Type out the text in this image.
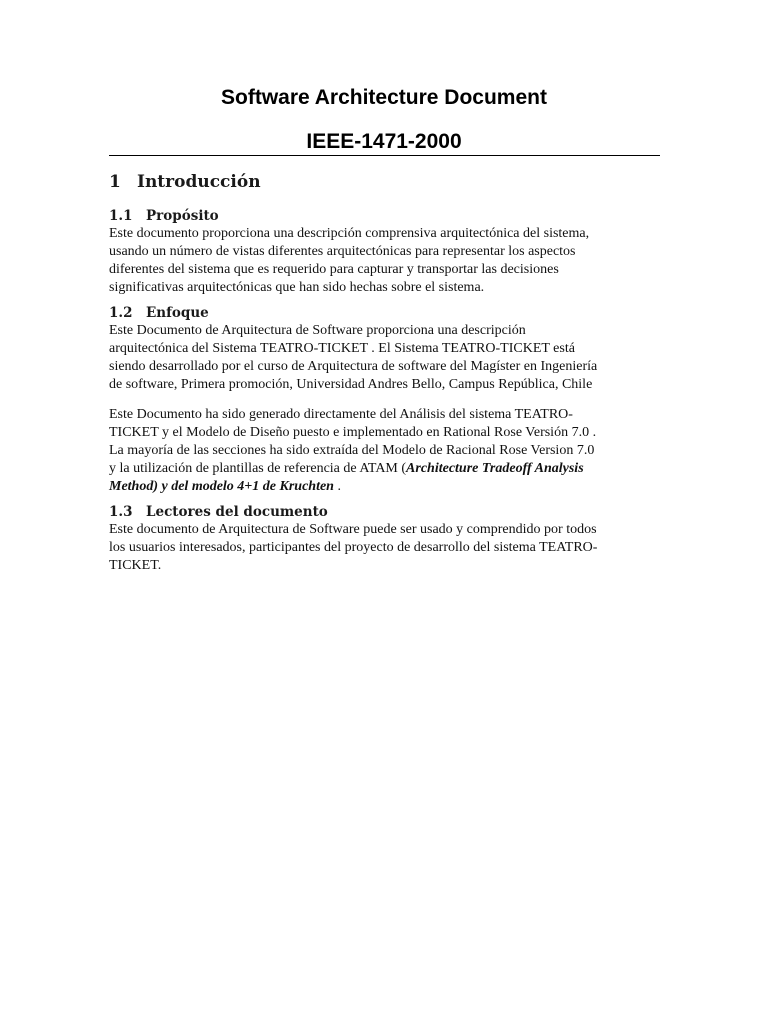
Software Architecture Document
IEEE-1471-2000
1 Introducción
1.1 Propósito
Este documento proporciona una descripción comprensiva arquitectónica del sistema,
usando un número de vistas diferentes arquitectónicas para representar los aspectos
diferentes del sistema que es requerido para capturar y transportar las decisiones
significativas arquitectónicas que han sido hechas sobre el sistema.
1.2 Enfoque
Este Documento de Arquitectura de Software proporciona una descripción
arquitectónica del Sistema TEATRO-TICKET . El Sistema TEATRO-TICKET está
siendo desarrollado por el curso de Arquitectura de software del Magíster en Ingeniería
de software, Primera promoción, Universidad Andres Bello, Campus República, Chile
Este Documento ha sido generado directamente del Análisis del sistema TEATRO-
TICKET y el Modelo de Diseño puesto e implementado en Rational Rose Versión 7.0 .
La mayoría de las secciones ha sido extraída del Modelo de Racional Rose Version 7.0
y la utilización de plantillas de referencia de ATAM (Architecture Tradeoff Analysis
Method) y del modelo 4+1 de Kruchten .
1.3 Lectores del documento
Este documento de Arquitectura de Software puede ser usado y comprendido por todos
los usuarios interesados, participantes del proyecto de desarrollo del sistema TEATRO-
TICKET.
